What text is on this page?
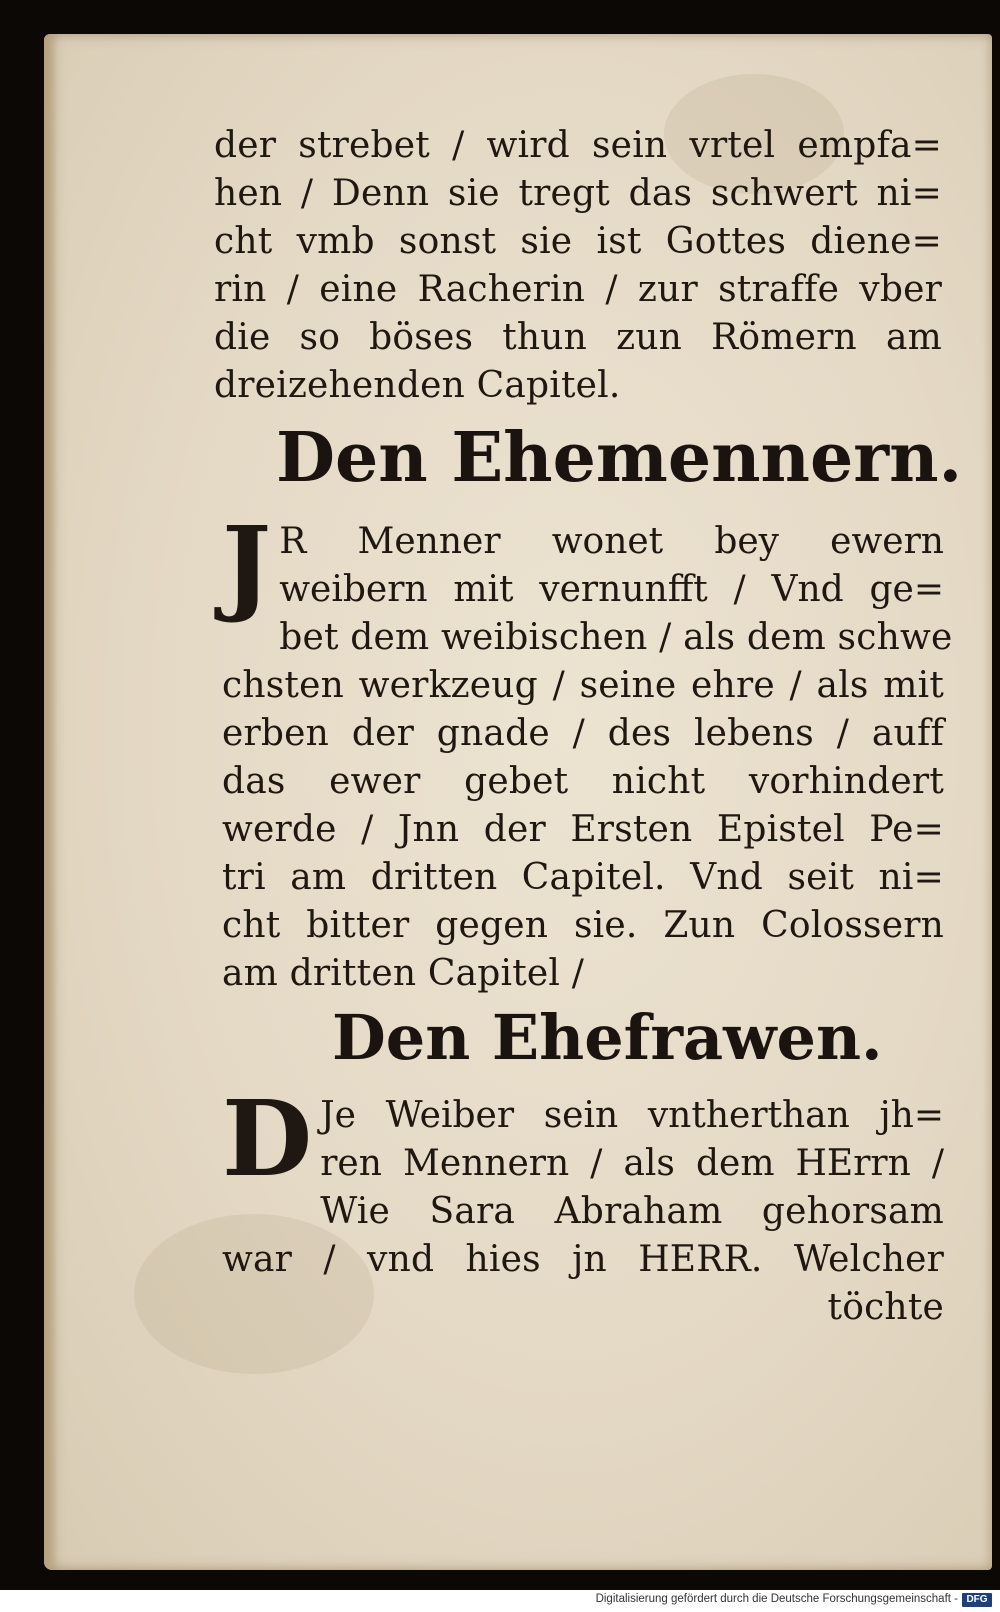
der strebet / wird sein vrtel empfa=
hen / Denn sie tregt das schwert ni=
cht vmb sonst sie ist Gottes diene=
rin / eine Racherin / zur straffe vber
die so böses thun zun Römern am
dreizehenden Capitel.
Den Ehemennern.
J R Menner wonet bey ewern
weibern mit vernunfft / Vnd ge=
bet dem weibischen / als dem schwe
chsten werkzeug / seine ehre / als mit
erben der gnade / des lebens / auff
das ewer gebet nicht vorhindert
werde / Jnn der Ersten Epistel Pe=
tri am dritten Capitel. Vnd seit ni=
cht bitter gegen sie. Zun Colossern
am dritten Capitel /
Den Ehefrawen.
D Je Weiber sein vntherthan jh=
ren Mennern / als dem HErrn /
Wie Sara Abraham gehorsam
war / vnd hies jn HERR. Welcher
töchte
Digitalisierung gefördert durch die Deutsche Forschungsgemeinschaft - DFG
